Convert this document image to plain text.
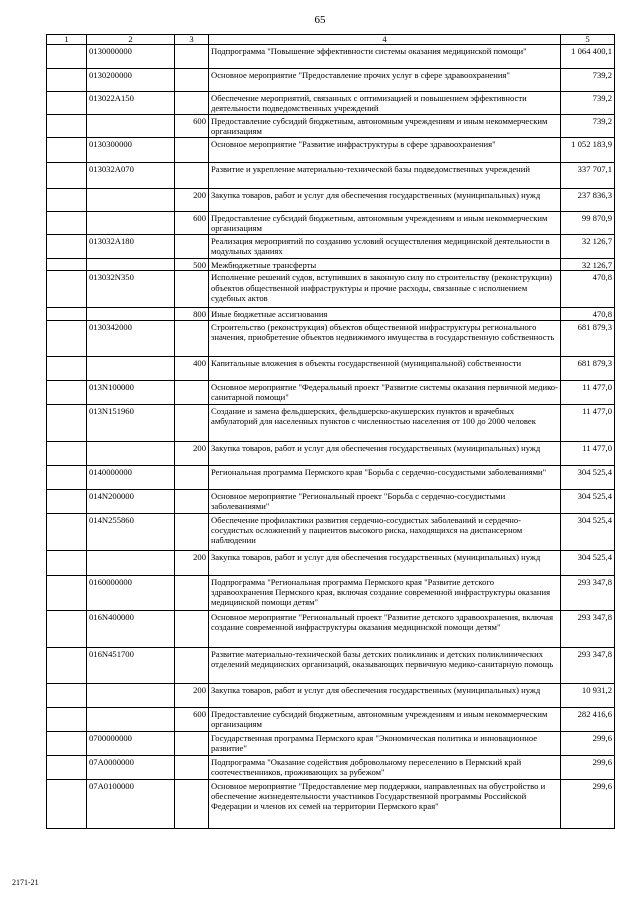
65
1	2	3	4	5
	0130000000		Подпрограмма "Повышение эффективности системы оказания медицинской помощи"	1 064 400,1
	0130200000		Основное мероприятие "Предоставление прочих услуг в сфере здравоохранения"	739,2
	013022А150		Обеспечение мероприятий, связанных с оптимизацией и повышением эффективности деятельности подведомственных учреждений	739,2
		600	Предоставление субсидий бюджетным, автономным учреждениям и иным некоммерческим организациям	739,2
	0130300000		Основное мероприятие "Развитие инфраструктуры в сфере здравоохранения"	1 052 183,9
	013032А070		Развитие и укрепление материально-технической базы подведомственных учреждений	337 707,1
		200	Закупка товаров, работ и услуг для обеспечения государственных (муниципальных) нужд	237 836,3
		600	Предоставление субсидий бюджетным, автономным учреждениям и иным некоммерческим организациям	99 870,9
	013032А180		Реализация мероприятий по созданию условий осуществления медицинской деятельности в модульных зданиях	32 126,7
		500	Межбюджетные трансферты	32 126,7
	013032N350		Исполнение решений судов, вступивших в законную силу по строительству (реконструкции) объектов общественной инфраструктуры и прочие расходы, связанные с исполнением судебных актов	470,8
		800	Иные бюджетные ассигнования	470,8
	0130342000		Строительство (реконструкция) объектов общественной инфраструктуры регионального значения, приобретение объектов недвижимого имущества в государственную собственность	681 879,3
		400	Капитальные вложения в объекты государственной (муниципальной) собственности	681 879,3
	013N100000		Основное мероприятие "Федеральный проект "Развитие системы оказания первичной медико-санитарной помощи"	11 477,0
	013N151960		Создание и замена фельдшерских, фельдшерско-акушерских пунктов и врачебных амбулаторий для населенных пунктов с численностью населения от 100 до 2000 человек	11 477,0
		200	Закупка товаров, работ и услуг для обеспечения государственных (муниципальных) нужд	11 477,0
	0140000000		Региональная программа Пермского края "Борьба с сердечно-сосудистыми заболеваниями"	304 525,4
	014N200000		Основное мероприятие "Региональный проект "Борьба с сердечно-сосудистыми заболеваниями"	304 525,4
	014N255860		Обеспечение профилактики развития сердечно-сосудистых заболеваний и сердечно-сосудистых осложнений у пациентов высокого риска, находящихся на диспансерном наблюдении	304 525,4
		200	Закупка товаров, работ и услуг для обеспечения государственных (муниципальных) нужд	304 525,4
	0160000000		Подпрограмма "Региональная программа Пермского края "Развитие детского здравоохранения Пермского края, включая создание современной инфраструктуры оказания медицинской помощи детям"	293 347,8
	016N400000		Основное мероприятие "Региональный проект "Развитие детского здравоохранения, включая создание современной инфраструктуры оказания медицинской помощи детям"	293 347,8
	016N451700		Развитие материально-технической базы детских поликлиник и детских поликлинических отделений медицинских организаций, оказывающих первичную медико-санитарную помощь	293 347,8
		200	Закупка товаров, работ и услуг для обеспечения государственных (муниципальных) нужд	10 931,2
		600	Предоставление субсидий бюджетным, автономным учреждениям и иным некоммерческим организациям	282 416,6
	0700000000		Государственная программа Пермского края "Экономическая политика и инновационное развитие"	299,6
	07А0000000		Подпрограмма "Оказание содействия добровольному переселению в Пермский край соотечественников, проживающих за рубежом"	299,6
	07А0100000		Основное мероприятие "Предоставление мер поддержки, направленных на обустройство и обеспечение жизнедеятельности участников Государственной программы Российской Федерации и членов их семей на территории Пермского края"	299,6
2171-21
